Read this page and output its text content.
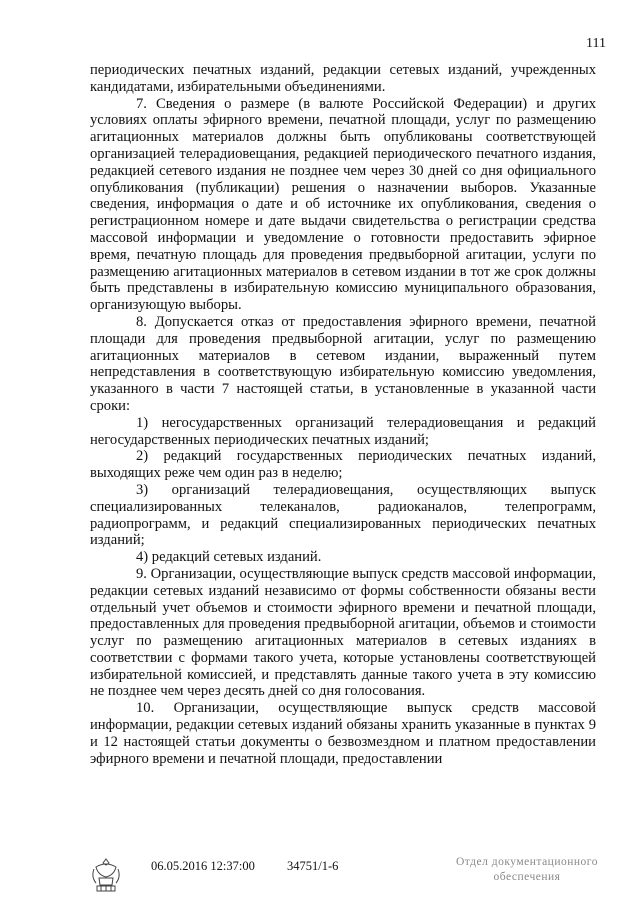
111

периодических печатных изданий, редакции сетевых изданий, учрежденных кандидатами, избирательными объединениями.

7. Сведения о размере (в валюте Российской Федерации) и других условиях оплаты эфирного времени, печатной площади, услуг по размещению агитационных материалов должны быть опубликованы соответствующей организацией телерадиовещания, редакцией периодического печатного издания, редакцией сетевого издания не позднее чем через 30 дней со дня официального опубликования (публикации) решения о назначении выборов. Указанные сведения, информация о дате и об источнике их опубликования, сведения о регистрационном номере и дате выдачи свидетельства о регистрации средства массовой информации и уведомление о готовности предоставить эфирное время, печатную площадь для проведения предвыборной агитации, услуги по размещению агитационных материалов в сетевом издании в тот же срок должны быть представлены в избирательную комиссию муниципального образования, организующую выборы.

8. Допускается отказ от предоставления эфирного времени, печатной площади для проведения предвыборной агитации, услуг по размещению агитационных материалов в сетевом издании, выраженный путем непредставления в соответствующую избирательную комиссию уведомления, указанного в части 7 настоящей статьи, в установленные в указанной части сроки:

1) негосударственных организаций телерадиовещания и редакций негосударственных периодических печатных изданий;

2) редакций государственных периодических печатных изданий, выходящих реже чем один раз в неделю;

3) организаций телерадиовещания, осуществляющих выпуск специализированных телеканалов, радиоканалов, телепрограмм, радиопрограмм, и редакций специализированных периодических печатных изданий;

4) редакций сетевых изданий.

9. Организации, осуществляющие выпуск средств массовой информации, редакции сетевых изданий независимо от формы собственности обязаны вести отдельный учет объемов и стоимости эфирного времени и печатной площади, предоставленных для проведения предвыборной агитации, объемов и стоимости услуг по размещению агитационных материалов в сетевых изданиях в соответствии с формами такого учета, которые установлены соответствующей избирательной комиссией, и представлять данные такого учета в эту комиссию не позднее чем через десять дней со дня голосования.

10. Организации, осуществляющие выпуск средств массовой информации, редакции сетевых изданий обязаны хранить указанные в пунктах 9 и 12 настоящей статьи документы о безвозмездном и платном предоставлении эфирного времени и печатной площади, предоставлении

06.05.2016 12:37:00	34751/1-6	Отдел документационного
обеспечения
